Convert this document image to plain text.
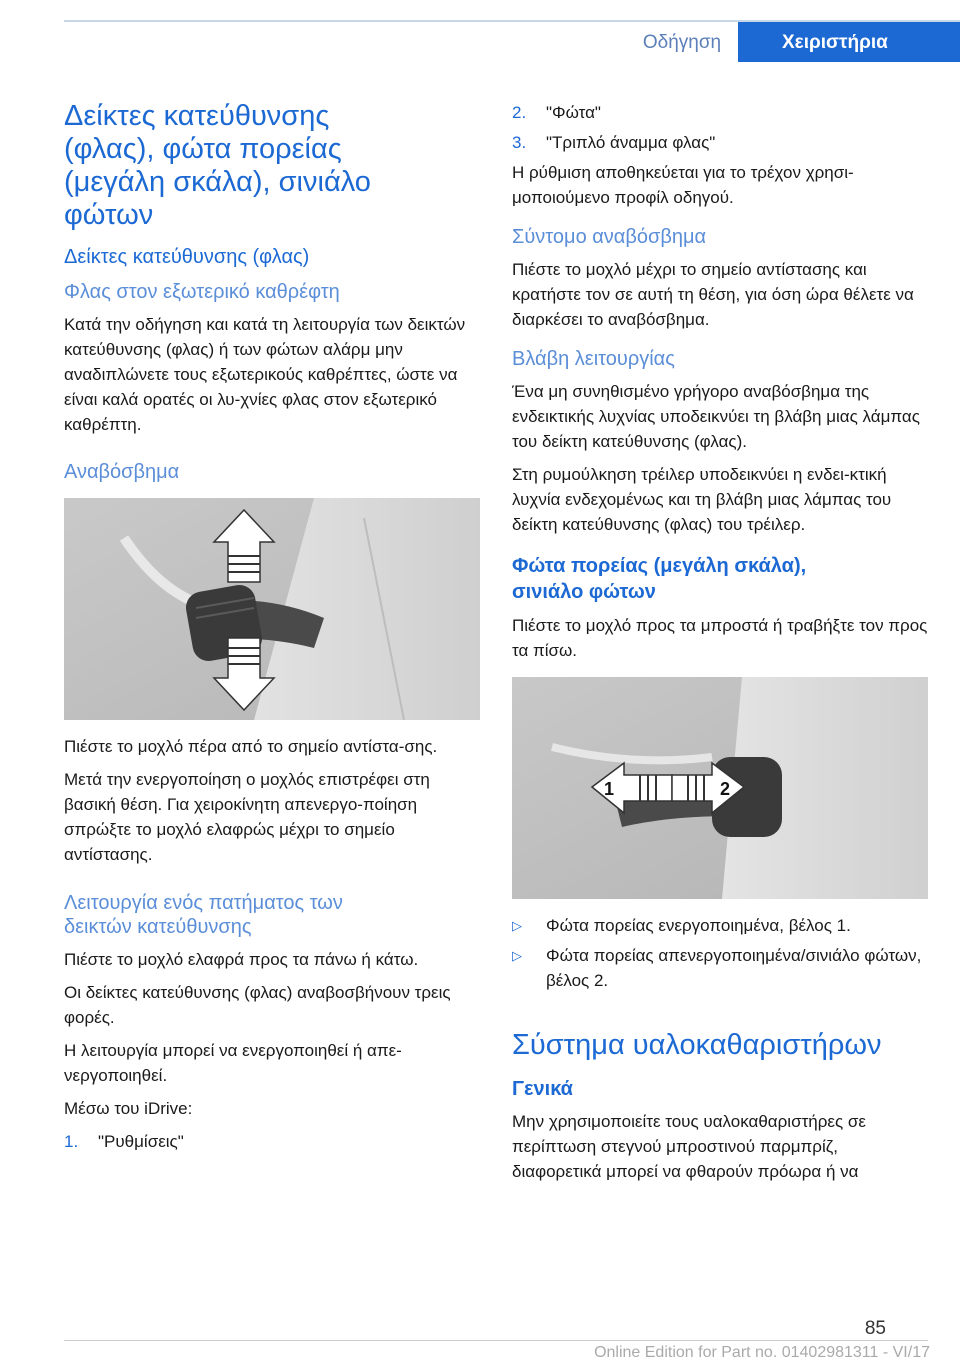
Οδήγηση	Χειριστήρια
Δείκτες κατεύθυνσης
(φλας), φώτα πορείας
(μεγάλη σκάλα), σινιάλο
φώτων
Δείκτες κατεύθυνσης (φλας)
Φλας στον εξωτερικό καθρέφτη

Κατά την οδήγηση και κατά τη λειτουργία των δεικτών κατεύθυνσης (φλας) ή των φώτων αλάρμ μην αναδιπλώνετε τους εξωτερικούς καθρέπτες, ώστε να είναι καλά ορατές οι λυ-χνίες φλας στον εξωτερικό καθρέπτη.

Αναβόσβημα

Πιέστε το μοχλό πέρα από το σημείο αντίστα-σης.

Μετά την ενεργοποίηση ο μοχλός επιστρέφει στη βασική θέση. Για χειροκίνητη απενεργο-ποίηση σπρώξτε το μοχλό ελαφρώς μέχρι το σημείο αντίστασης.

Λειτουργία ενός πατήματος των
δεικτών κατεύθυνσης

Πιέστε το μοχλό ελαφρά προς τα πάνω ή κάτω.

Οι δείκτες κατεύθυνσης (φλας) αναβοσβήνουν τρεις φορές.

Η λειτουργία μπορεί να ενεργοποιηθεί ή απε-νεργοποιηθεί.

Μέσω του iDrive:

1.	"Ρυθμίσεις"
2.	"Φώτα"
3.	"Τριπλό άναμμα φλας"

Η ρύθμιση αποθηκεύεται για το τρέχον χρησι-μοποιούμενο προφίλ οδηγού.

Σύντομο αναβόσβημα

Πιέστε το μοχλό μέχρι το σημείο αντίστασης και κρατήστε τον σε αυτή τη θέση, για όση ώρα θέλετε να διαρκέσει το αναβόσβημα.

Βλάβη λειτουργίας

Ένα μη συνηθισμένο γρήγορο αναβόσβημα της ενδεικτικής λυχνίας υποδεικνύει τη βλάβη μιας λάμπας του δείκτη κατεύθυνσης (φλας).

Στη ρυμούλκηση τρέιλερ υποδεικνύει η ενδει-κτική λυχνία ενδεχομένως και τη βλάβη μιας λάμπας του δείκτη κατεύθυνσης (φλας) του τρέιλερ.

Φώτα πορείας (μεγάλη σκάλα),
σινιάλο φώτων

Πιέστε το μοχλό προς τα μπροστά ή τραβήξτε τον προς τα πίσω.

1	2
▷	Φώτα πορείας ενεργοποιημένα, βέλος 1.
▷	Φώτα πορείας απενεργοποιημένα/σινιάλο φώτων, βέλος 2.
Σύστημα υαλοκαθαριστήρων
Γενικά

Μην χρησιμοποιείτε τους υαλοκαθαριστήρες σε περίπτωση στεγνού μπροστινού παρμπρίζ, διαφορετικά μπορεί να φθαρούν πρόωρα ή να

85
Online Edition for Part no. 01402981311 - VI/17
